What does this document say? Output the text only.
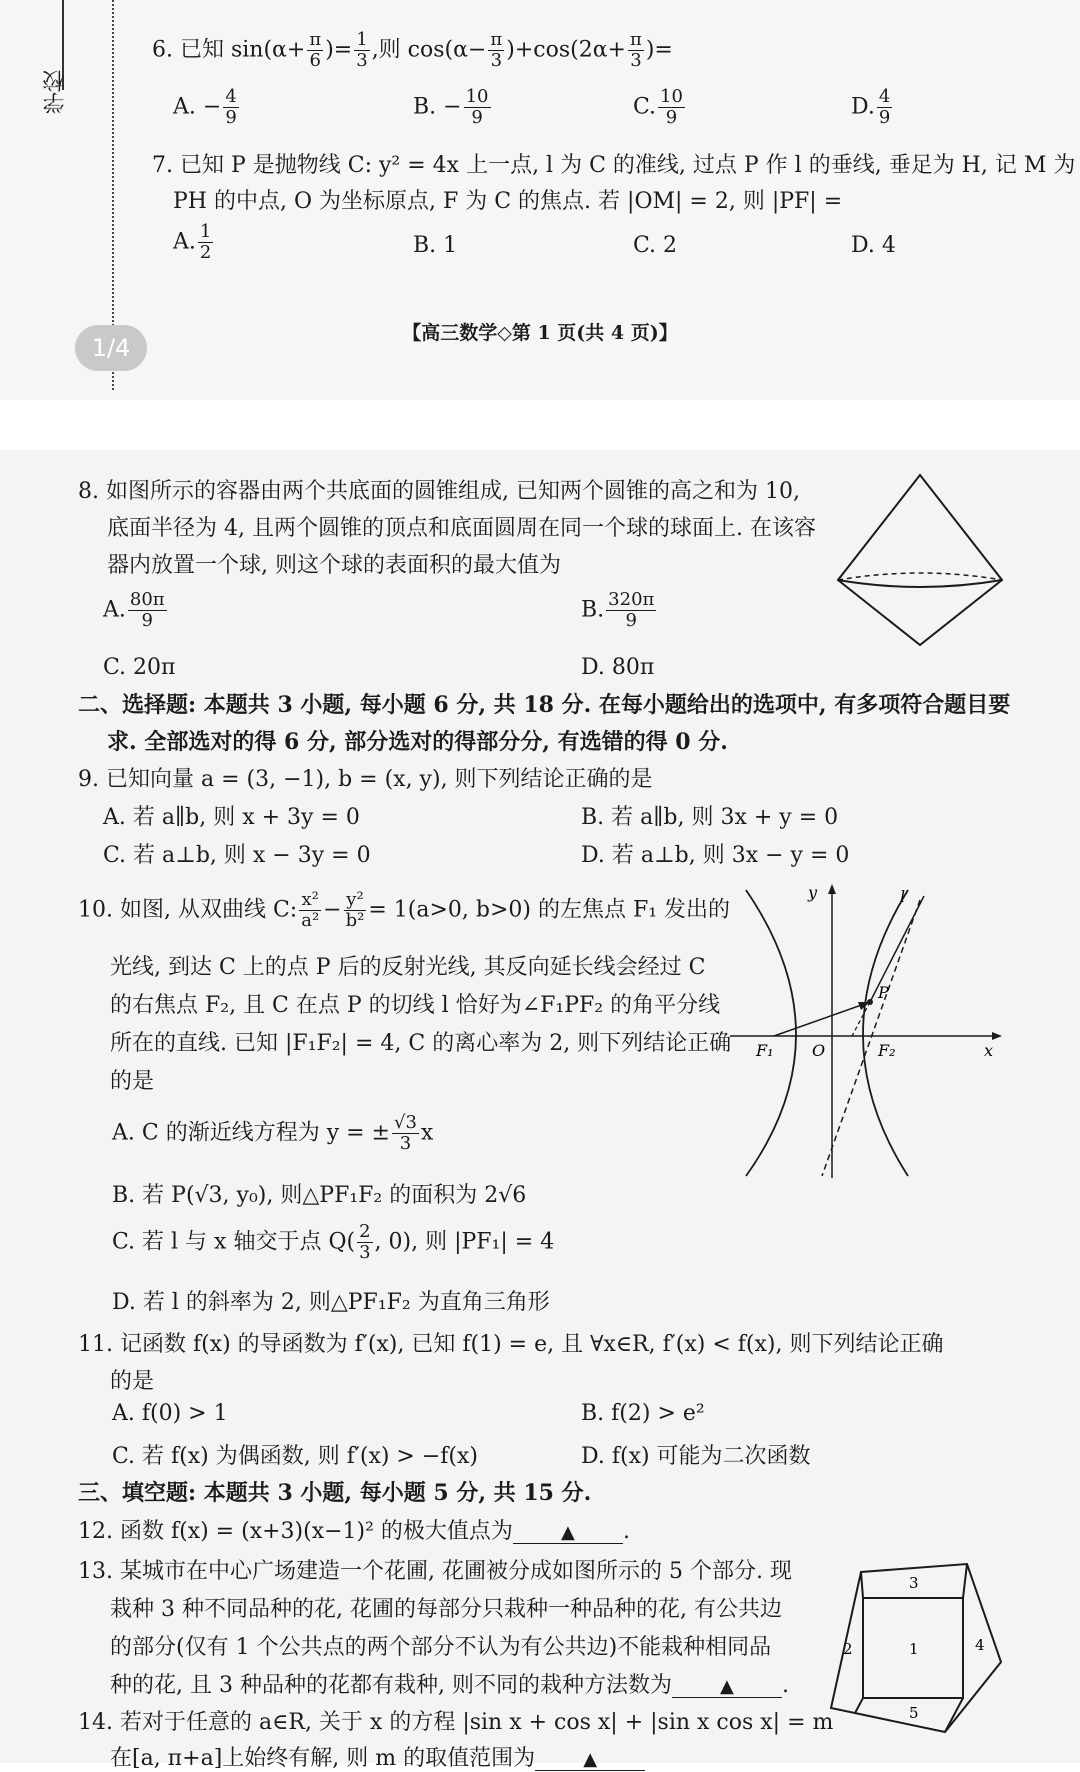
学校
6. 已知 $\sin(\alpha+ \frac{\pi}{6}$ )= $\frac{1}{3}$ ,则 $\cos(\alpha- \frac{\pi}{3} )+\cos(2\alpha+ \frac{\pi}{3}$ )=
A. − $\frac{4}{9}$	B. − $\frac{10}{9}$	C. $\frac{10}{9}$	D. $\frac{4}{9}$
7. 已知 P 是抛物线 C: y² = 4x 上一点, l 为 C 的准线, 过点 P 作 l 的垂线, 垂足为 H, 记 M 为
PH 的中点, O 为坐标原点, F 为 C 的焦点. 若 |OM| = 2, 则 |PF| =
A. $\frac{1}{2}$	B. 1	C. 2	D. 4
【高三数学◇第 1 页(共 4 页)】
1/4
8. 如图所示的容器由两个共底面的圆锥组成, 已知两个圆锥的高之和为 10,
底面半径为 4, 且两个圆锥的顶点和底面圆周在同一个球的球面上. 在该容
器内放置一个球, 则这个球的表面积的最大值为
A. $\frac{80\pi}{9}$	B. $\frac{320\pi}{9}$
C. 20π	D. 80π
二、选择题: 本题共 3 小题, 每小题 6 分, 共 18 分. 在每小题给出的选项中, 有多项符合题目要
求. 全部选对的得 6 分, 部分选对的得部分分, 有选错的得 0 分.
9. 已知向量 a = (3, −1), b = (x, y), 则下列结论正确的是
A. 若 a∥b, 则 x + 3y = 0	B. 若 a∥b, 则 3x + y = 0
C. 若 a⊥b, 则 x − 3y = 0	D. 若 a⊥b, 则 3x − y = 0
10. 如图, 从双曲线 C: $\frac{\text{x²}}{\text{a²}} - \frac{\text{y²}}{\text{b²}} = 1(a>0$, b>0) 的左焦点 F₁ 发出的
光线, 到达 C 上的点 P 后的反射光线, 其反向延长线会经过 C
的右焦点 F₂, 且 C 在点 P 的切线 l 恰好为∠F₁PF₂ 的角平分线
所在的直线. 已知 |F₁F₂| = 4, C 的离心率为 2, 则下列结论正确
的是
A. C 的渐近线方程为 y = ± $\frac{√3}{3}$ x
B. 若 P(√3, y₀), 则△PF₁F₂ 的面积为 2√6
C. 若 l 与 x 轴交于点 $Q( \frac{2}{3}$ , 0), 则 |PF₁| = 4
D. 若 l 的斜率为 2, 则△PF₁F₂ 为直角三角形
y	l
P
F₁ O	F₂	x
11. 记函数 f(x) 的导函数为 f′(x), 已知 f(1) = e, 且 ∀x∈R, f′(x) < f(x), 则下列结论正确
的是
A. f(0) > 1	B. f(2) > e²
C. 若 f(x) 为偶函数, 则 f′(x) > −f(x)	D. f(x) 可能为二次函数
三、填空题: 本题共 3 小题, 每小题 5 分, 共 15 分.
12. 函数 f(x) = (x+3)(x−1)² 的极大值点为	▲ .
13. 某城市在中心广场建造一个花圃, 花圃被分成如图所示的 5 个部分. 现
栽种 3 种不同品种的花, 花圃的每部分只栽种一种品种的花, 有公共边
的部分(仅有 1 个公共点的两个部分不认为有公共边)不能栽种相同品
种的花, 且 3 种品种的花都有栽种, 则不同的栽种方法数为	▲ .
1
2
3
4
5
14. 若对于任意的 a∈R, 关于 x 的方程 |sin x + cos x| + |sin x cos x| = m
在[a, π+a]上始终有解, 则 m 的取值范围为	▲
